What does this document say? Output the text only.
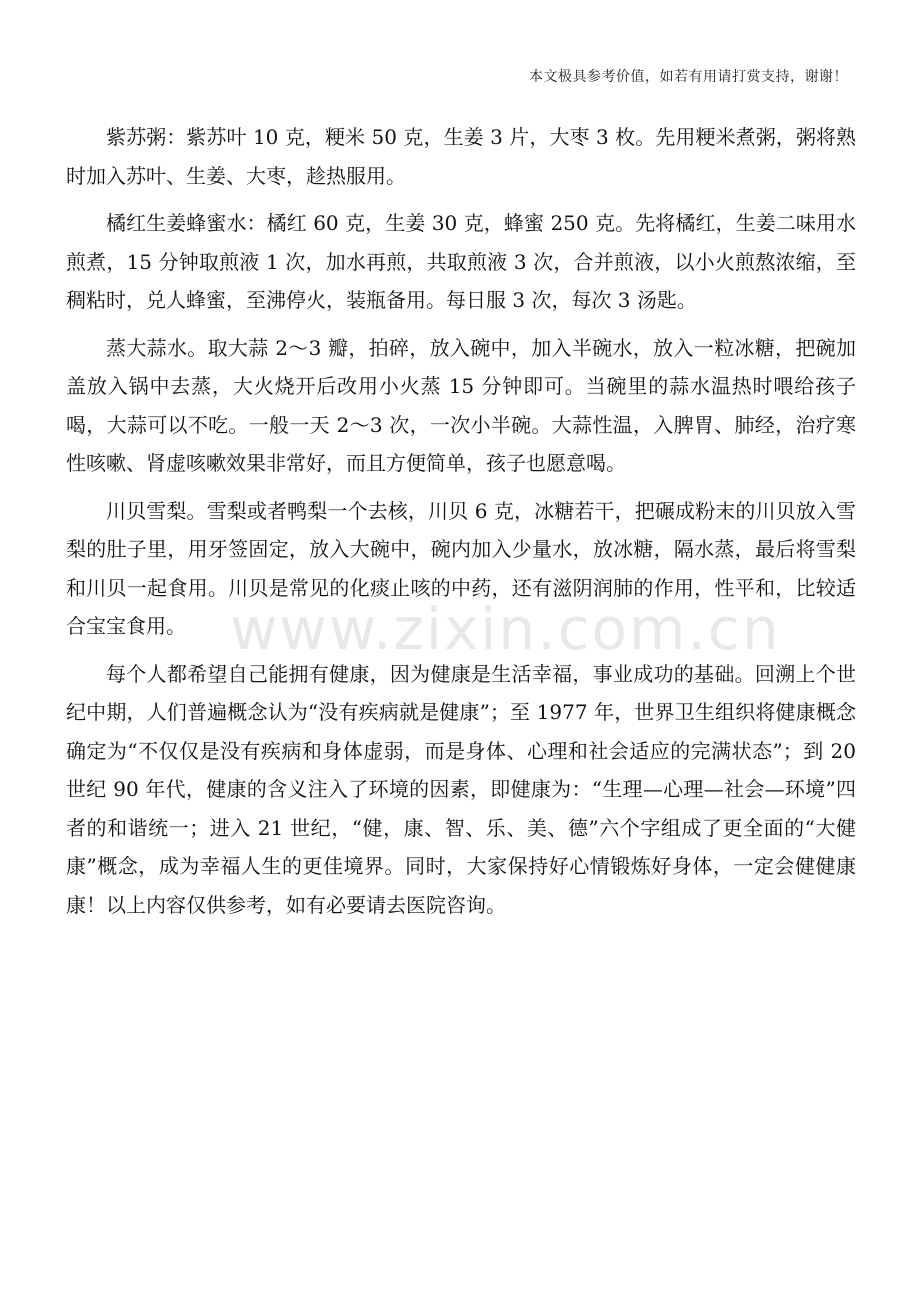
本文极具参考价值，如若有用请打赏支持，谢谢！

紫苏粥：紫苏叶 10 克，粳米 50 克，生姜 3 片，大枣 3 枚。先用粳米煮粥，粥将熟时加入苏叶、生姜、大枣，趁热服用。

橘红生姜蜂蜜水：橘红 60 克，生姜 30 克，蜂蜜 250 克。先将橘红，生姜二味用水煎煮，15 分钟取煎液 1 次，加水再煎，共取煎液 3 次，合并煎液，以小火煎熬浓缩，至稠粘时，兑人蜂蜜，至沸停火，装瓶备用。每日服 3 次，每次 3 汤匙。

蒸大蒜水。取大蒜 2～3 瓣，拍碎，放入碗中，加入半碗水，放入一粒冰糖，把碗加盖放入锅中去蒸，大火烧开后改用小火蒸 15 分钟即可。当碗里的蒜水温热时喂给孩子喝，大蒜可以不吃。一般一天 2～3 次，一次小半碗。大蒜性温，入脾胃、肺经，治疗寒性咳嗽、肾虚咳嗽效果非常好，而且方便简单，孩子也愿意喝。

川贝雪梨。雪梨或者鸭梨一个去核，川贝 6 克，冰糖若干，把碾成粉末的川贝放入雪梨的肚子里，用牙签固定，放入大碗中，碗内加入少量水，放冰糖，隔水蒸，最后将雪梨和川贝一起食用。川贝是常见的化痰止咳的中药，还有滋阴润肺的作用，性平和，比较适合宝宝食用。

每个人都希望自己能拥有健康，因为健康是生活幸福，事业成功的基础。回溯上个世纪中期，人们普遍概念认为“没有疾病就是健康”；至 1977 年，世界卫生组织将健康概念确定为“不仅仅是没有疾病和身体虚弱，而是身体、心理和社会适应的完满状态”；到 20 世纪 90 年代，健康的含义注入了环境的因素，即健康为：“生理—心理—社会—环境”四者的和谐统一；进入 21 世纪，“健，康、智、乐、美、德”六个字组成了更全面的“大健康”概念，成为幸福人生的更佳境界。同时，大家保持好心情锻炼好身体，一定会健健康康！以上内容仅供参考，如有必要请去医院咨询。

www.zixin.com.cn
